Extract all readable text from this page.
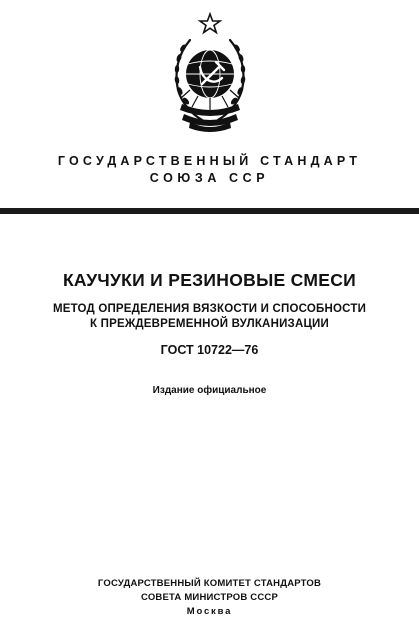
ГОСУДАРСТВЕННЫЙ СТАНДАРТ
СОЮЗА ССР
КАУЧУКИ И РЕЗИНОВЫЕ СМЕСИ
МЕТОД ОПРЕДЕЛЕНИЯ ВЯЗКОСТИ И СПОСОБНОСТИ
К ПРЕЖДЕВРЕМЕННОЙ ВУЛКАНИЗАЦИИ
ГОСТ 10722—76
Издание официальное
ГОСУДАРСТВЕННЫЙ КОМИТЕТ СТАНДАРТОВ
СОВЕТА МИНИСТРОВ СССР
Москва
